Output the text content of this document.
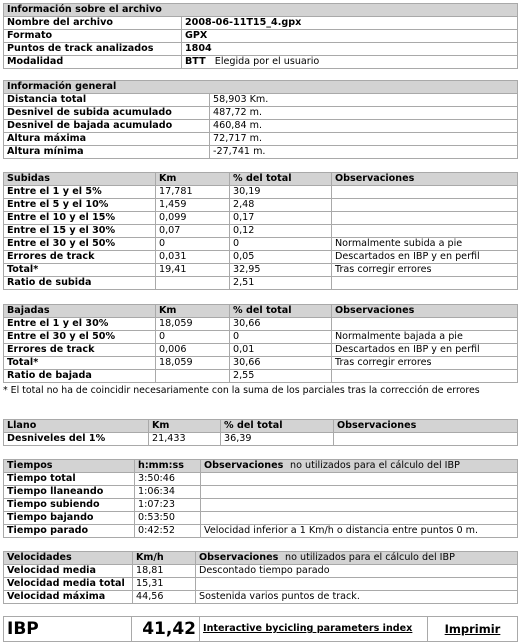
Información sobre el archivo	
Nombre del archivo	2008-06-11T15_4.gpx
Formato	GPX
Puntos de track analizados	1804
Modalidad	BTT Elegida por el usuario
Información general	
Distancia total	58,903 Km.
Desnivel de subida acumulado	487,72 m.
Desnivel de bajada acumulado	460,84 m.
Altura máxima	72,717 m.
Altura mínima	-27,741 m.
Subidas	Km	% del total	Observaciones
Entre el 1 y el 5%	17,781	30,19	
Entre el 5 y el 10%	1,459	2,48	
Entre el 10 y el 15%	0,099	0,17	
Entre el 15 y el 30%	0,07	0,12	
Entre el 30 y el 50%	0	0	Normalmente subida a pie
Errores de track	0,031	0,05	Descartados en IBP y en perfil
Total*	19,41	32,95	Tras corregir errores
Ratio de subida		2,51	
Bajadas	Km	% del total	Observaciones
Entre el 1 y el 30%	18,059	30,66	
Entre el 30 y el 50%	0	0	Normalmente bajada a pie
Errores de track	0,006	0,01	Descartados en IBP y en perfil
Total*	18,059	30,66	Tras corregir errores
Ratio de bajada		2,55	
* El total no ha de coincidir necesariamente con la suma de los parciales tras la corrección de errores
Llano	Km	% del total	Observaciones
Desniveles del 1%	21,433	36,39	
Tiempos	h:mm:ss	Observaciones no utilizados para el cálculo del IBP
Tiempo total	3:50:46	
Tiempo llaneando	1:06:34	
Tiempo subiendo	1:07:23	
Tiempo bajando	0:53:50	
Tiempo parado	0:42:52	Velocidad inferior a 1 Km/h o distancia entre puntos 0 m.
Velocidades	Km/h	Observaciones no utilizados para el cálculo del IBP
Velocidad media	18,81	Descontado tiempo parado
Velocidad media total	15,31	
Velocidad máxima	44,56	Sostenida varios puntos de track.
IBP	41,42	Interactive bycicling parameters index	Imprimir
